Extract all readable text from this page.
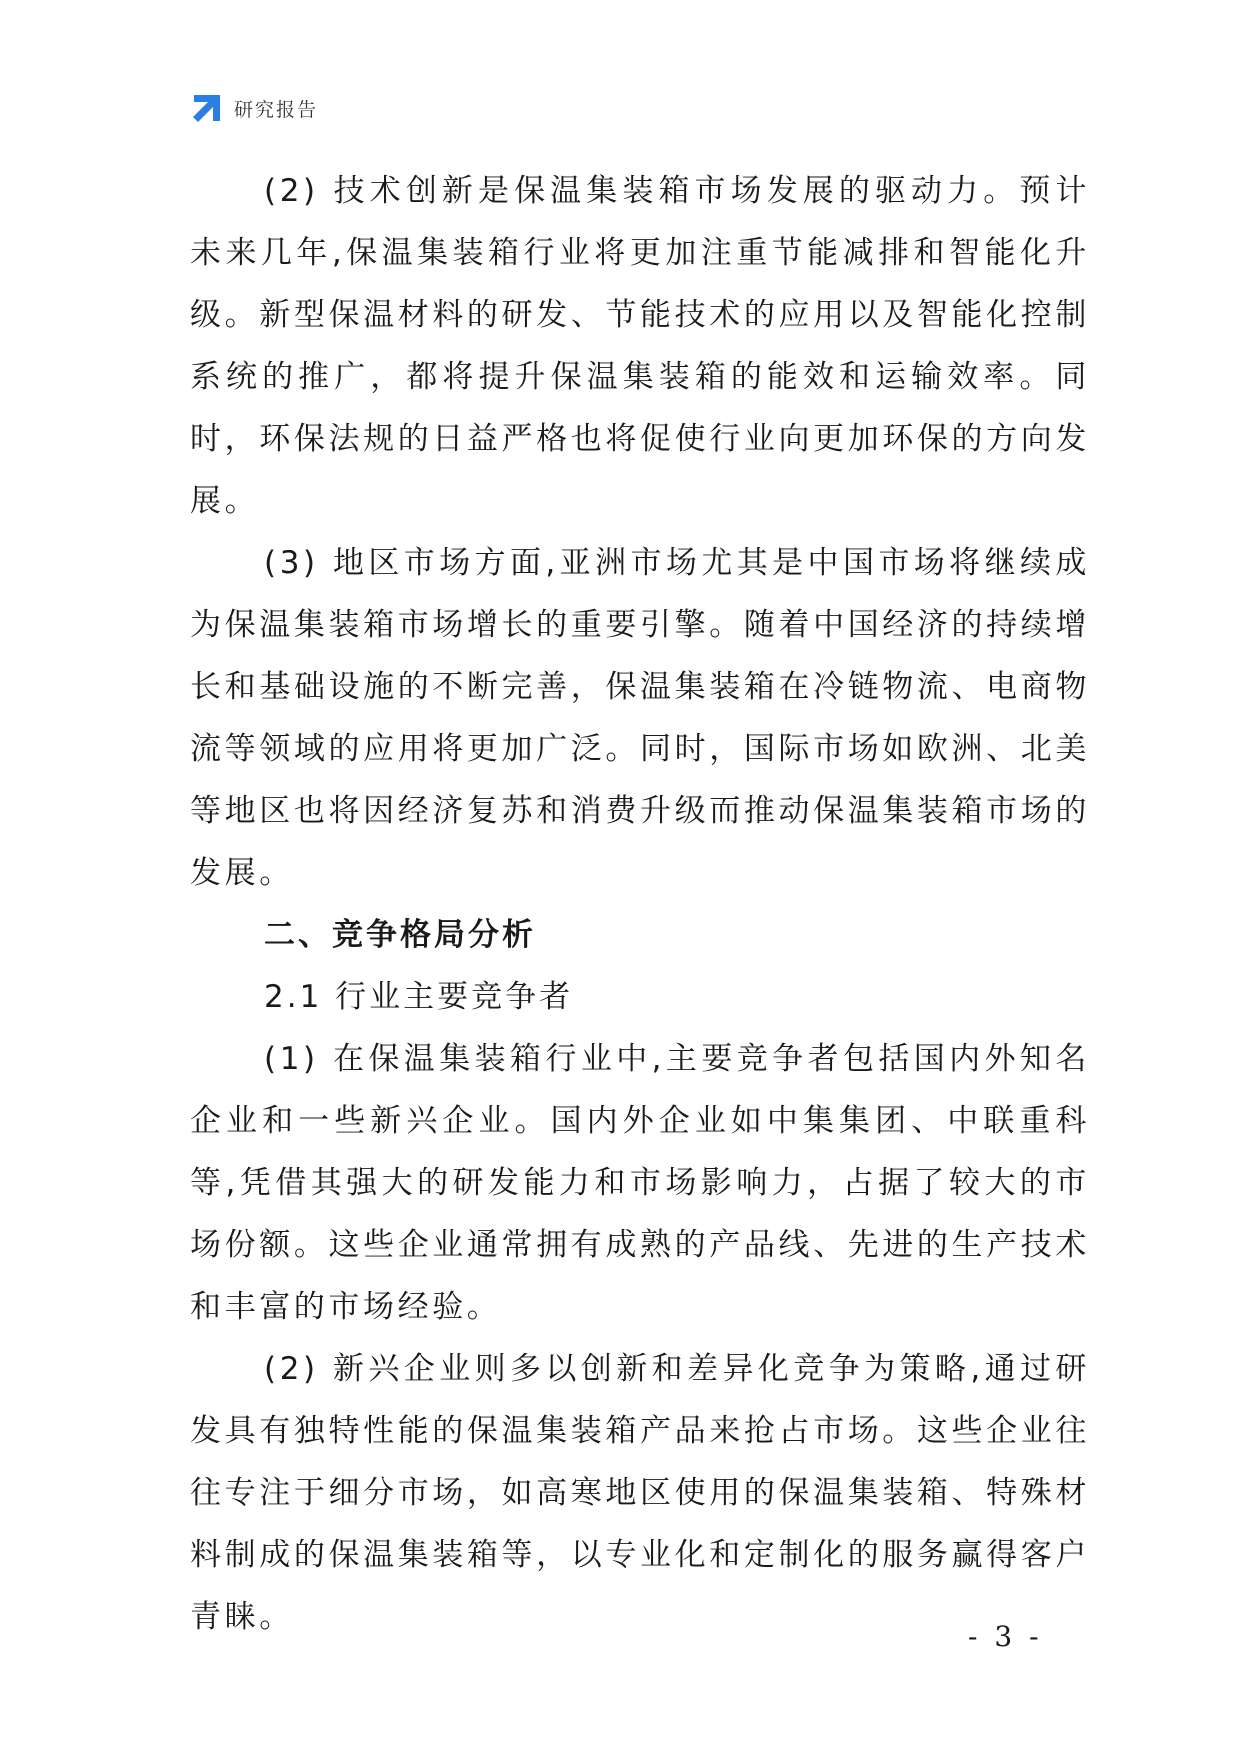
研究报告

(2) 技术创新是保温集装箱市场发展的驱动力。预计未来几年,保温集装箱行业将更加注重节能减排和智能化升级。新型保温材料的研发、节能技术的应用以及智能化控制系统的推广，都将提升保温集装箱的能效和运输效率。同时，环保法规的日益严格也将促使行业向更加环保的方向发展。

(3) 地区市场方面,亚洲市场尤其是中国市场将继续成为保温集装箱市场增长的重要引擎。随着中国经济的持续增长和基础设施的不断完善，保温集装箱在冷链物流、电商物流等领域的应用将更加广泛。同时，国际市场如欧洲、北美等地区也将因经济复苏和消费升级而推动保温集装箱市场的发展。

二、竞争格局分析

2.1 行业主要竞争者

(1) 在保温集装箱行业中,主要竞争者包括国内外知名企业和一些新兴企业。国内外企业如中集集团、中联重科等,凭借其强大的研发能力和市场影响力，占据了较大的市场份额。这些企业通常拥有成熟的产品线、先进的生产技术和丰富的市场经验。

(2) 新兴企业则多以创新和差异化竞争为策略,通过研发具有独特性能的保温集装箱产品来抢占市场。这些企业往往专注于细分市场，如高寒地区使用的保温集装箱、特殊材料制成的保温集装箱等，以专业化和定制化的服务赢得客户青睐。

- 3 -
